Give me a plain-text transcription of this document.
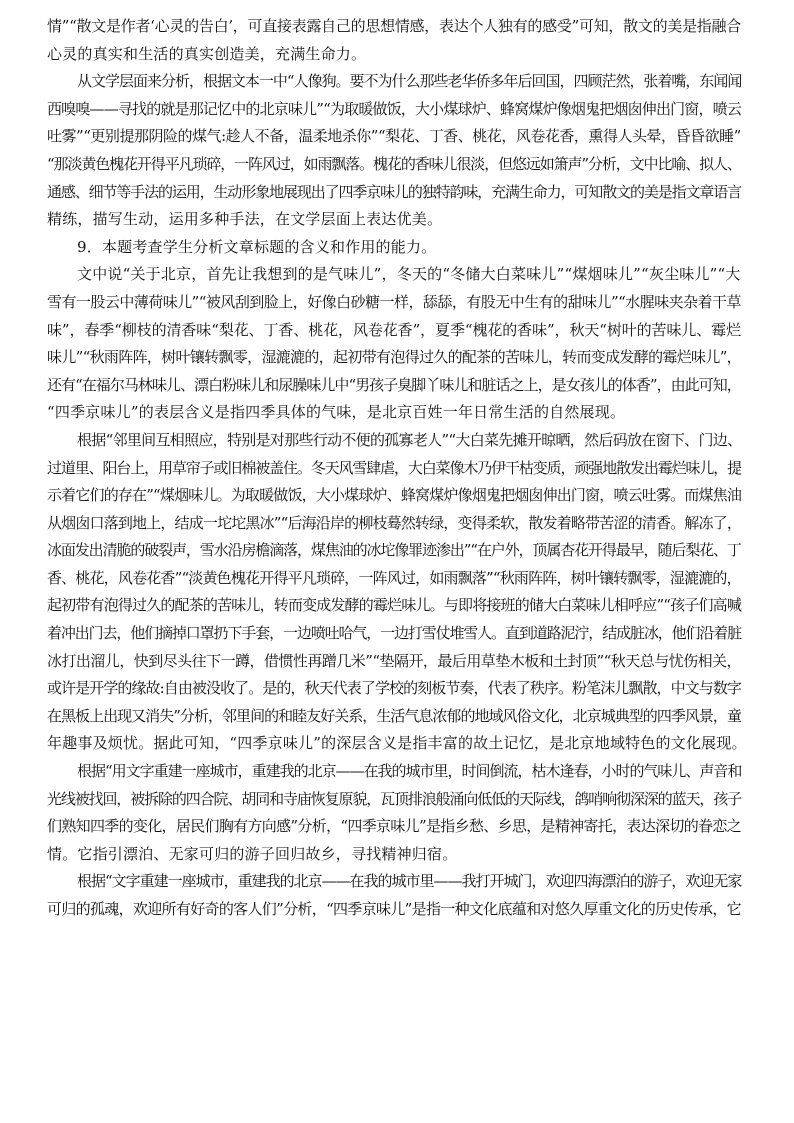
情”“散文是作者‘心灵的告白’，可直接表露自己的思想情感，表达个人独有的感受”可知，散文的美是指融合
心灵的真实和生活的真实创造美，充满生命力。

从文学层面来分析，根据文本一中“人像狗。要不为什么那些老华侨多年后回国，四顾茫然，张着嘴，东闻闻
西嗅嗅——寻找的就是那记忆中的北京味儿”“为取暖做饭，大小煤球炉、蜂窝煤炉像烟鬼把烟囱伸出门窗，喷云
吐雾”“更别提那阴险的煤气:趁人不备，温柔地杀你”“梨花、丁香、桃花，风卷花香，熏得人头晕，昏昏欲睡”
“那淡黄色槐花开得平凡琐碎，一阵风过，如雨飘落。槐花的香味儿很淡，但悠远如箫声”分析，文中比喻、拟人、
通感、细节等手法的运用，生动形象地展现出了四季京味儿的独特韵味，充满生命力，可知散文的美是指文章语言
精练，描写生动，运用多种手法，在文学层面上表达优美。

9．本题考查学生分析文章标题的含义和作用的能力。

文中说“关于北京，首先让我想到的是气味儿”，冬天的“冬储大白菜味儿”“煤烟味儿”“灰尘味儿”“大
雪有一股云中薄荷味儿”“被风刮到脸上，好像白砂糖一样，舔舔，有股无中生有的甜味儿”“水腥味夹杂着干草
味”，春季“柳枝的清香味“梨花、丁香、桃花，风卷花香”，夏季“槐花的香味”，秋天“树叶的苦味儿、霉烂
味儿”“秋雨阵阵，树叶镶转飘零，湿漉漉的，起初带有泡得过久的配茶的苦味儿，转而变成发酵的霉烂味儿”，
还有“在福尔马林味儿、漂白粉味儿和尿臊味儿中“男孩子臭脚丫味儿和脏话之上，是女孩儿的体香”，由此可知，
“四季京味儿”的表层含义是指四季具体的气味，是北京百姓一年日常生活的自然展现。

根据“邻里间互相照应，特别是对那些行动不便的孤寡老人”“大白菜先摊开晾晒，然后码放在窗下、门边、
过道里、阳台上，用草帘子或旧棉被盖住。冬天风雪肆虐，大白菜像木乃伊干枯变质，顽强地散发出霉烂味儿，提
示着它们的存在”“煤烟味儿。为取暖做饭，大小煤球炉、蜂窝煤炉像烟鬼把烟囱伸出门窗，喷云吐雾。而煤焦油
从烟囱口落到地上，结成一坨坨黑冰”“后海沿岸的柳枝蓦然转绿，变得柔软，散发着略带苦涩的清香。解冻了，
冰面发出清脆的破裂声，雪水沿房檐滴落，煤焦油的冰坨像罪迹渗出”“在户外，顶属杏花开得最早，随后梨花、丁
香、桃花，风卷花香”“淡黄色槐花开得平凡琐碎，一阵风过，如雨飘落”“秋雨阵阵，树叶镶转飘零，湿漉漉的，
起初带有泡得过久的配茶的苦味儿，转而变成发酵的霉烂味儿。与即将接班的储大白菜味儿相呼应”“孩子们高喊
着冲出门去，他们摘掉口罩扔下手套，一边喷吐哈气，一边打雪仗堆雪人。直到道路泥泞，结成脏冰，他们沿着脏
冰打出溜儿，快到尽头往下一蹲，借惯性再蹭几米”“垫隔开，最后用草垫木板和土封顶”“秋天总与忧伤相关，
或许是开学的缘故:自由被没收了。是的，秋天代表了学校的刻板节奏，代表了秩序。粉笔沫儿飘散，中文与数字
在黑板上出现又消失”分析，邻里间的和睦友好关系，生活气息浓郁的地域风俗文化，北京城典型的四季风景，童
年趣事及烦忧。据此可知，“四季京味儿”的深层含义是指丰富的故土记忆，是北京地域特色的文化展现。

根据“用文字重建一座城市，重建我的北京——在我的城市里，时间倒流，枯木逢春，小时的气味儿、声音和
光线被找回，被拆除的四合院、胡同和寺庙恢复原貌，瓦顶排浪般涌向低低的天际线，鸽哨响彻深深的蓝天，孩子
们熟知四季的变化，居民们胸有方向感”分析，“四季京味儿”是指乡愁、乡思，是精神寄托，表达深切的眷恋之
情。它指引漂泊、无家可归的游子回归故乡，寻找精神归宿。

根据“文字重建一座城市，重建我的北京——在我的城市里——我打开城门，欢迎四海漂泊的游子，欢迎无家
可归的孤魂，欢迎所有好奇的客人们”分析，“四季京味儿”是指一种文化底蕴和对悠久厚重文化的历史传承，它
